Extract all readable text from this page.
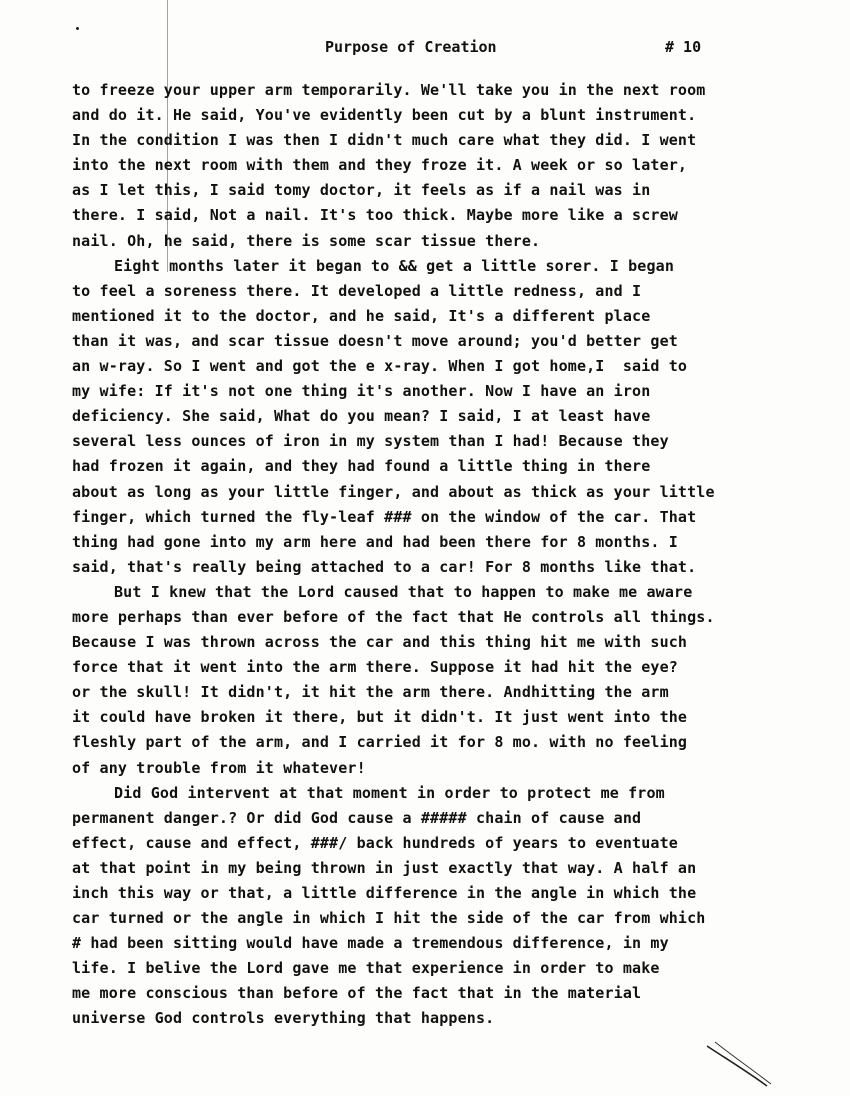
Purpose of Creation	# 10
to freeze your upper arm temporarily. We'll take you in the next room
and do it. He said, You've evidently been cut by a blunt instrument.
In the condition I was then I didn't much care what they did. I went
into the next room with them and they froze it. A week or so later,
as I let this, I said tomy doctor, it feels as if a nail was in
there. I said, Not a nail. It's too thick. Maybe more like a screw
nail. Oh, he said, there is some scar tissue there.
Eight months later it began to && get a little sorer. I began
to feel a soreness there. It developed a little redness, and I
mentioned it to the doctor, and he said, It's a different place
than it was, and scar tissue doesn't move around; you'd better get
an w-ray. So I went and got the e x-ray. When I got home,I  said to
my wife: If it's not one thing it's another. Now I have an iron
deficiency. She said, What do you mean? I said, I at least have
several less ounces of iron in my system than I had! Because they
had frozen it again, and they had found a little thing in there
about as long as your little finger, and about as thick as your little
finger, which turned the fly-leaf ### on the window of the car. That
thing had gone into my arm here and had been there for 8 months. I
said, that's really being attached to a car! For 8 months like that.
But I knew that the Lord caused that to happen to make me aware
more perhaps than ever before of the fact that He controls all things.
Because I was thrown across the car and this thing hit me with such
force that it went into the arm there. Suppose it had hit the eye?
or the skull! It didn't, it hit the arm there. Andhitting the arm
it could have broken it there, but it didn't. It just went into the
fleshly part of the arm, and I carried it for 8 mo. with no feeling
of any trouble from it whatever!
Did God intervent at that moment in order to protect me from
permanent danger.? Or did God cause a ##### chain of cause and
effect, cause and effect, ###/ back hundreds of years to eventuate
at that point in my being thrown in just exactly that way. A half an
inch this way or that, a little difference in the angle in which the
car turned or the angle in which I hit the side of the car from which
# had been sitting would have made a tremendous difference, in my
life. I belive the Lord gave me that experience in order to make
me more conscious than before of the fact that in the material
universe God controls everything that happens.
